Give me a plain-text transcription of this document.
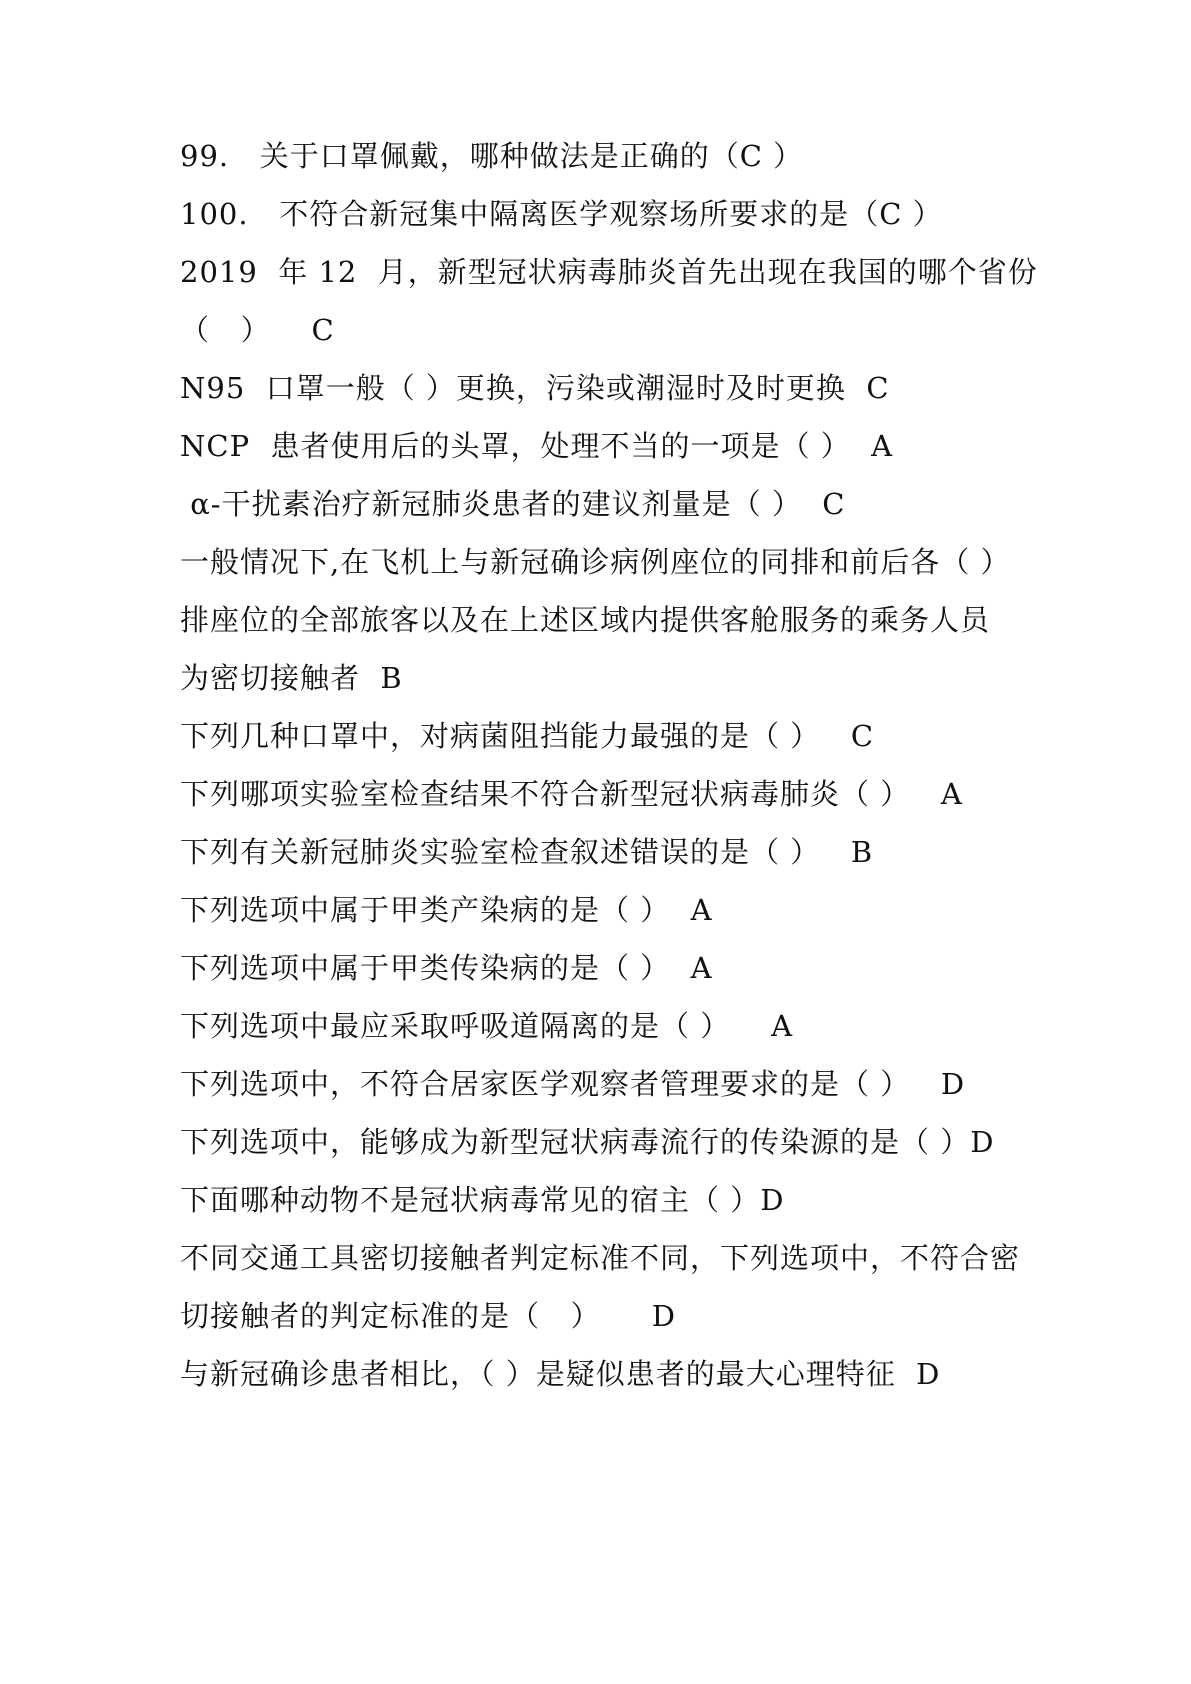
99.   关于口罩佩戴，哪种做法是正确的（C ）
100.   不符合新冠集中隔离医学观察场所要求的是（C ）
2019  年 12  月，新型冠状病毒肺炎首先出现在我国的哪个省份
（   ）    C
N95  口罩一般（ ）更换，污染或潮湿时及时更换  C
NCP  患者使用后的头罩，处理不当的一项是（ ）  A
α-干扰素治疗新冠肺炎患者的建议剂量是（ ）  C
一般情况下,在飞机上与新冠确诊病例座位的同排和前后各（ ）
排座位的全部旅客以及在上述区域内提供客舱服务的乘务人员
为密切接触者  B
下列几种口罩中，对病菌阻挡能力最强的是（ ）   C
下列哪项实验室检查结果不符合新型冠状病毒肺炎（ ）   A
下列有关新冠肺炎实验室检查叙述错误的是（ ）   B
下列选项中属于甲类产染病的是（ ）  A
下列选项中属于甲类传染病的是（ ）  A
下列选项中最应采取呼吸道隔离的是（ ）    A
下列选项中，不符合居家医学观察者管理要求的是（ ）   D
下列选项中，能够成为新型冠状病毒流行的传染源的是（ ）D
下面哪种动物不是冠状病毒常见的宿主（ ）D
不同交通工具密切接触者判定标准不同，下列选项中，不符合密
切接触者的判定标准的是（   ）     D
与新冠确诊患者相比，（ ）是疑似患者的最大心理特征  D
